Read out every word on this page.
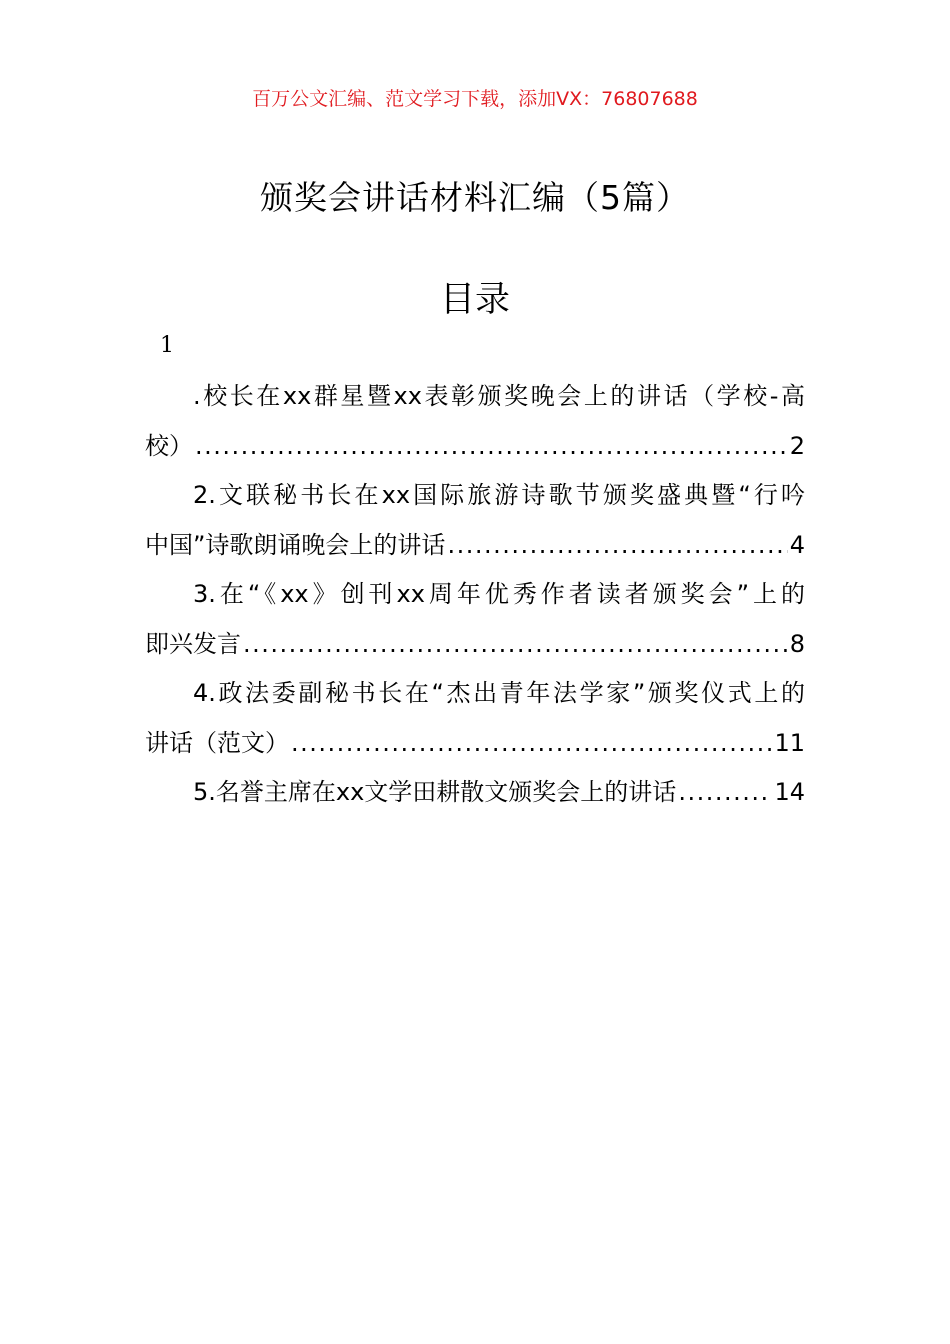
百万公文汇编、范文学习下载，添加VX：76807688
颁奖会讲话材料汇编（5篇）
目录
1
.校长在xx群星暨xx表彰颁奖晚会上的讲话（学校-高
校） .....	2
2.文联秘书长在xx国际旅游诗歌节颁奖盛典暨“行吟
中国”诗歌朗诵晚会上的讲话 .....	4
3.在“《xx》创刊xx周年优秀作者读者颁奖会”上的
即兴发言 .....	8
4.政法委副秘书长在“杰出青年法学家”颁奖仪式上的
讲话（范文） .....	11
5.名誉主席在xx文学田耕散文颁奖会上的讲话 .....	14
